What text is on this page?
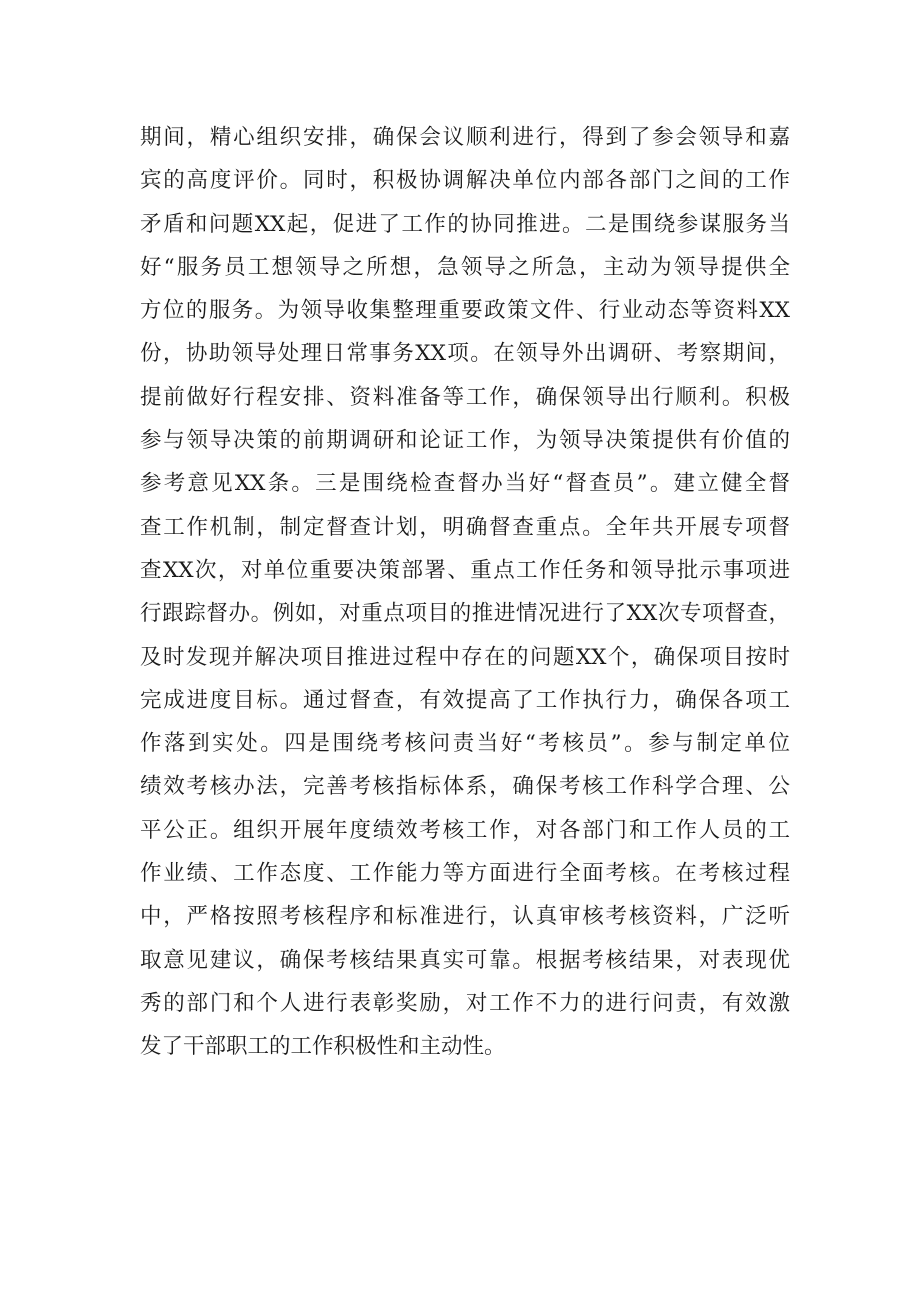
期间，精心组织安排，确保会议顺利进行，得到了参会领导和嘉
宾的高度评价。同时，积极协调解决单位内部各部门之间的工作
矛盾和问题XX起，促进了工作的协同推进。二是围绕参谋服务当
好“服务员工想领导之所想，急领导之所急，主动为领导提供全
方位的服务。为领导收集整理重要政策文件、行业动态等资料XX
份，协助领导处理日常事务XX项。在领导外出调研、考察期间，
提前做好行程安排、资料准备等工作，确保领导出行顺利。积极
参与领导决策的前期调研和论证工作，为领导决策提供有价值的
参考意见XX条。三是围绕检查督办当好“督查员”。建立健全督
查工作机制，制定督查计划，明确督查重点。全年共开展专项督
查XX次，对单位重要决策部署、重点工作任务和领导批示事项进
行跟踪督办。例如，对重点项目的推进情况进行了XX次专项督查，
及时发现并解决项目推进过程中存在的问题XX个，确保项目按时
完成进度目标。通过督查，有效提高了工作执行力，确保各项工
作落到实处。四是围绕考核问责当好“考核员”。参与制定单位
绩效考核办法，完善考核指标体系，确保考核工作科学合理、公
平公正。组织开展年度绩效考核工作，对各部门和工作人员的工
作业绩、工作态度、工作能力等方面进行全面考核。在考核过程
中，严格按照考核程序和标准进行，认真审核考核资料，广泛听
取意见建议，确保考核结果真实可靠。根据考核结果，对表现优
秀的部门和个人进行表彰奖励，对工作不力的进行问责，有效激
发了干部职工的工作积极性和主动性。
